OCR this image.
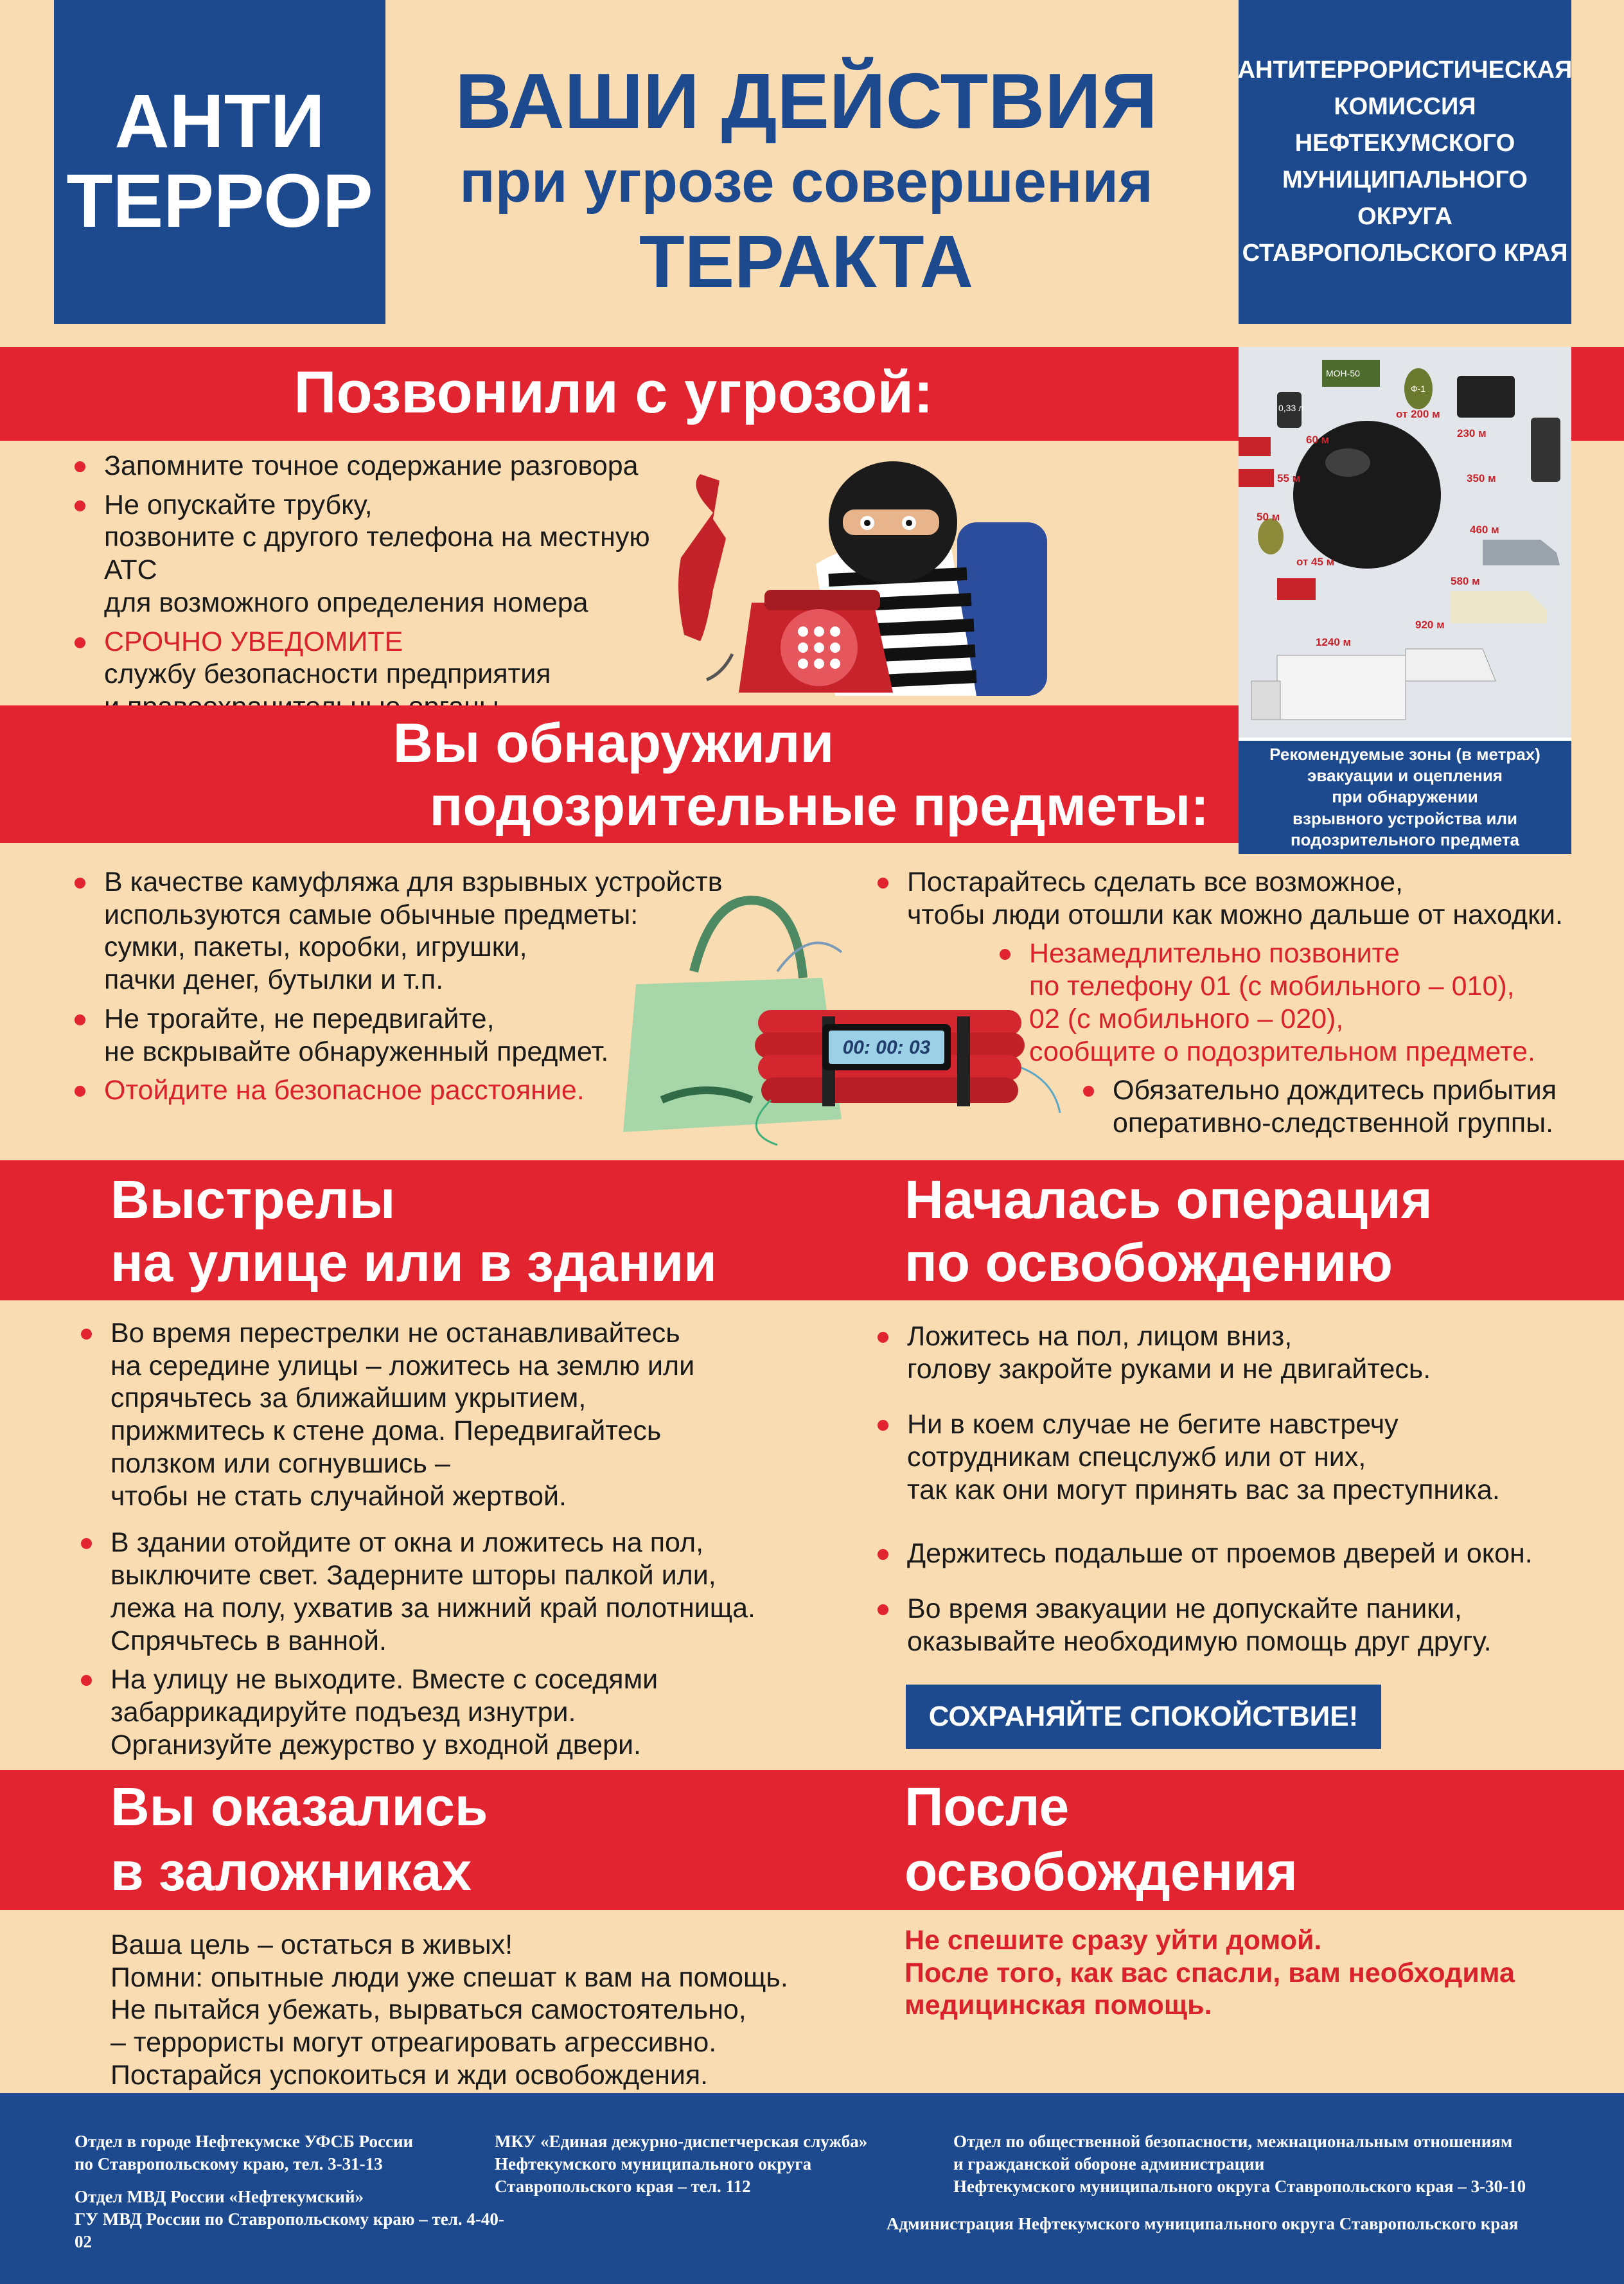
АНТИ
ТЕРРОР
ВАШИ ДЕЙСТВИЯ
при угрозе совершения
ТЕРАКТА
АНТИТЕРРОРИСТИЧЕСКАЯ
КОМИССИЯ
НЕФТЕКУМСКОГО
МУНИЦИПАЛЬНОГО ОКРУГА
СТАВРОПОЛЬСКОГО КРАЯ
Позвонили с угрозой:
Запомните точное содержание разговора
Не опускайте трубку,
позвоните с другого телефона на местную АТС
для возможного определения номера
СРОЧНО УВЕДОМИТЕ
службу безопасности предприятия

0,33 л
МОН-50
Ф-1
от 200 м
60 м
230 м
55 м	350 м
50 м
от 45 м
460 м
580 м
920 м
1240 м
Рекомендуемые зоны (в метрах)
эвакуации и оцепления
при обнаружении
взрывного устройства или
подозрительного предмета
Вы обнаружили
подозрительные предметы:
В качестве камуфляжа для взрывных устройств
используются самые обычные предметы:
сумки, пакеты, коробки, игрушки,
пачки денег, бутылки и т.п.
Не трогайте, не передвигайте,
не вскрывайте обнаруженный предмет.
Отойдите на безопасное расстояние.
00: 00: 03
Постарайтесь сделать все возможное,
чтобы люди отошли как можно дальше от находки.
Незамедлительно позвоните
по телефону 01 (с мобильного – 010),
02 (с мобильного – 020),
сообщите о подозрительном предмете.
Обязательно дождитесь прибытия
оперативно-следственной группы.
Выстрелы
на улице или в здании
Началась операция
по освобождению
Во время перестрелки не останавливайтесь
на середине улицы – ложитесь на землю или
спрячьтесь за ближайшим укрытием,
прижмитесь к стене дома. Передвигайтесь
ползком или согнувшись –
чтобы не стать случайной жертвой.
В здании отойдите от окна и ложитесь на пол,
выключите свет. Задерните шторы палкой или,
лежа на полу, ухватив за нижний край полотнища.
Спрячьтесь в ванной.
На улицу не выходите. Вместе с соседями
забаррикадируйте подъезд изнутри.
Организуйте дежурство у входной двери.
Ложитесь на пол, лицом вниз,
голову закройте руками и не двигайтесь.
Ни в коем случае не бегите навстречу
сотрудникам спецслужб или от них,
так как они могут принять вас за преступника.
Держитесь подальше от проемов дверей и окон.
Во время эвакуации не допускайте паники,
оказывайте необходимую помощь друг другу.
СОХРАНЯЙТЕ СПОКОЙСТВИЕ!
Вы оказались
в заложниках
После
освобождения

Ваша цель – остаться в живых!

Помни: опытные люди уже спешат к вам на помощь.

Не пытайся убежать, вырваться самостоятельно,

– террористы могут отреагировать агрессивно.

Постарайся успокоиться и жди освобождения.

Не спешите сразу уйти домой.

После того, как вас спасли, вам необходима

медицинская помощь.

Отдел в городе Нефтекумске УФСБ России
по Ставропольскому краю, тел. 3-31-13
Отдел МВД России «Нефтекумский»
ГУ МВД России по Ставропольскому краю – тел. 4-40-02
МКУ «Единая дежурно-диспетчерская служба»
Нефтекумского муниципального округа
Ставропольского края – тел. 112
Отдел по общественной безопасности, межнациональным отношениям
и гражданской обороне администрации
Нефтекумского муниципального округа Ставропольского края – 3-30-10
Администрация Нефтекумского муниципального округа Ставропольского края
